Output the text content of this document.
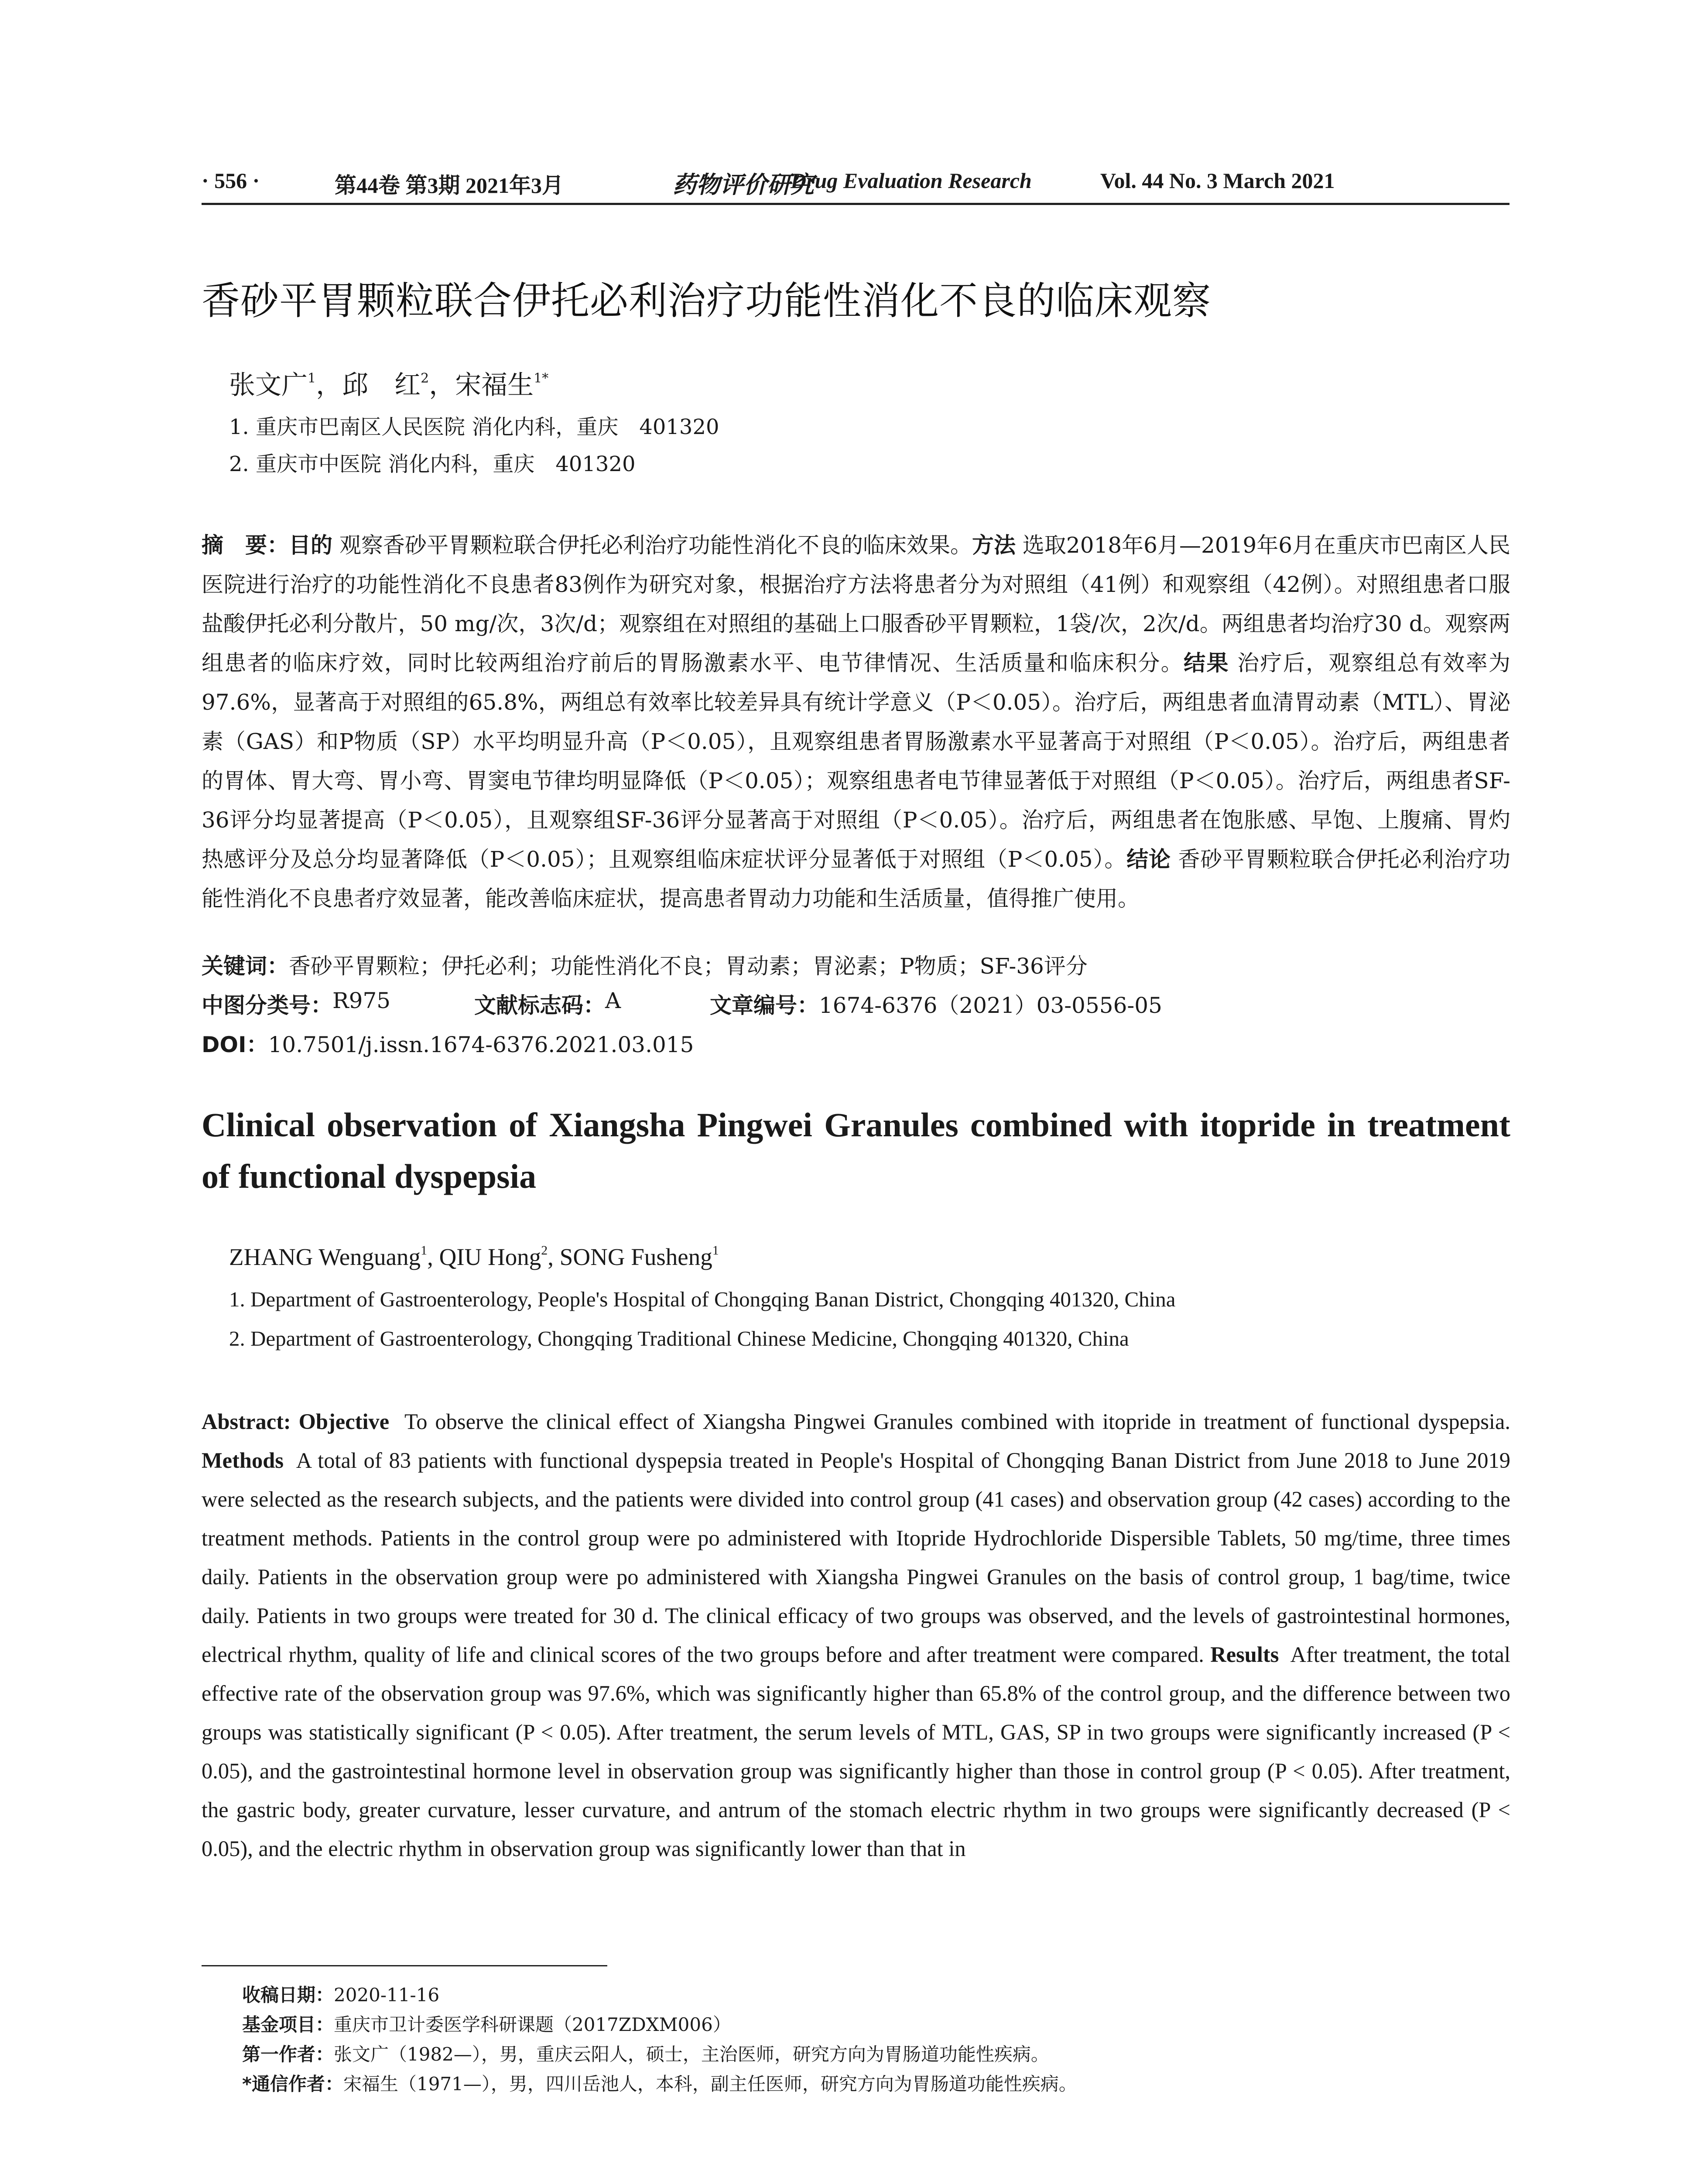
· 556 ·	第44卷 第3期 2021年3月	药物评价研究
Drug Evaluation Research	Vol. 44 No. 3 March 2021
香砂平胃颗粒联合伊托必利治疗功能性消化不良的临床观察
张文广$^1$，邱　红$^2$，宋福生$^{1*}$
1. 重庆市巴南区人民医院 消化内科，重庆　401320
2. 重庆市中医院 消化内科，重庆　401320
摘　要：目的 观察香砂平胃颗粒联合伊托必利治疗功能性消化不良的临床效果。方法 选取2018年6月—2019年6月在重庆市巴南区人民医院进行治疗的功能性消化不良患者83例作为研究对象，根据治疗方法将患者分为对照组（41例）和观察组（42例）。对照组患者口服盐酸伊托必利分散片，50 mg/次，3次/d；观察组在对照组的基础上口服香砂平胃颗粒，1袋/次，2次/d。两组患者均治疗30 d。观察两组患者的临床疗效，同时比较两组治疗前后的胃肠激素水平、电节律情况、生活质量和临床积分。结果 治疗后，观察组总有效率为97.6%，显著高于对照组的65.8%，两组总有效率比较差异具有统计学意义（P＜0.05）。治疗后，两组患者血清胃动素（MTL）、胃泌素（GAS）和P物质（SP）水平均明显升高（P＜0.05），且观察组患者胃肠激素水平显著高于对照组（P＜0.05）。治疗后，两组患者的胃体、胃大弯、胃小弯、胃窦电节律均明显降低（P＜0.05）；观察组患者电节律显著低于对照组（P＜0.05）。治疗后，两组患者SF-36评分均显著提高（P＜0.05），且观察组SF-36评分显著高于对照组（P＜0.05）。治疗后，两组患者在饱胀感、早饱、上腹痛、胃灼热感评分及总分均显著降低（P＜0.05）；且观察组临床症状评分显著低于对照组（P＜0.05）。结论 香砂平胃颗粒联合伊托必利治疗功能性消化不良患者疗效显著，能改善临床症状，提高患者胃动力功能和生活质量，值得推广使用。
关键词：香砂平胃颗粒；伊托必利；功能性消化不良；胃动素；胃泌素；P物质；SF-36评分
中图分类号： R975	文献标志码： A	文章编号： 1674-6376（2021）03-0556-05
DOI：10.7501/j.issn.1674-6376.2021.03.015
Clinical observation of Xiangsha Pingwei Granules combined with itopride in treatment of functional dyspepsia
ZHANG Wenguang$^1$, QIU Hong$^2$, SONG Fusheng$^1$
1. Department of Gastroenterology, People's Hospital of Chongqing Banan District, Chongqing 401320, China
2. Department of Gastroenterology, Chongqing Traditional Chinese Medicine, Chongqing 401320, China
Abstract: Objective To observe the clinical effect of Xiangsha Pingwei Granules combined with itopride in treatment of functional dyspepsia. Methods A total of 83 patients with functional dyspepsia treated in People's Hospital of Chongqing Banan District from June 2018 to June 2019 were selected as the research subjects, and the patients were divided into control group (41 cases) and observation group (42 cases) according to the treatment methods. Patients in the control group were po administered with Itopride Hydrochloride Dispersible Tablets, 50 mg/time, three times daily. Patients in the observation group were po administered with Xiangsha Pingwei Granules on the basis of control group, 1 bag/time, twice daily. Patients in two groups were treated for 30 d. The clinical efficacy of two groups was observed, and the levels of gastrointestinal hormones, electrical rhythm, quality of life and clinical scores of the two groups before and after treatment were compared. Results After treatment, the total effective rate of the observation group was 97.6%, which was significantly higher than 65.8% of the control group, and the difference between two groups was statistically significant (P < 0.05). After treatment, the serum levels of MTL, GAS, SP in two groups were significantly increased (P < 0.05), and the gastrointestinal hormone level in observation group was significantly higher than those in control group (P < 0.05). After treatment, the gastric body, greater curvature, lesser curvature, and antrum of the stomach electric rhythm in two groups were significantly decreased (P < 0.05), and the electric rhythm in observation group was significantly lower than that in
收稿日期：2020-11-16
基金项目：重庆市卫计委医学科研课题（2017ZDXM006）
第一作者：张文广（1982—），男，重庆云阳人，硕士，主治医师，研究方向为胃肠道功能性疾病。
*通信作者：宋福生（1971—），男，四川岳池人，本科，副主任医师，研究方向为胃肠道功能性疾病。
